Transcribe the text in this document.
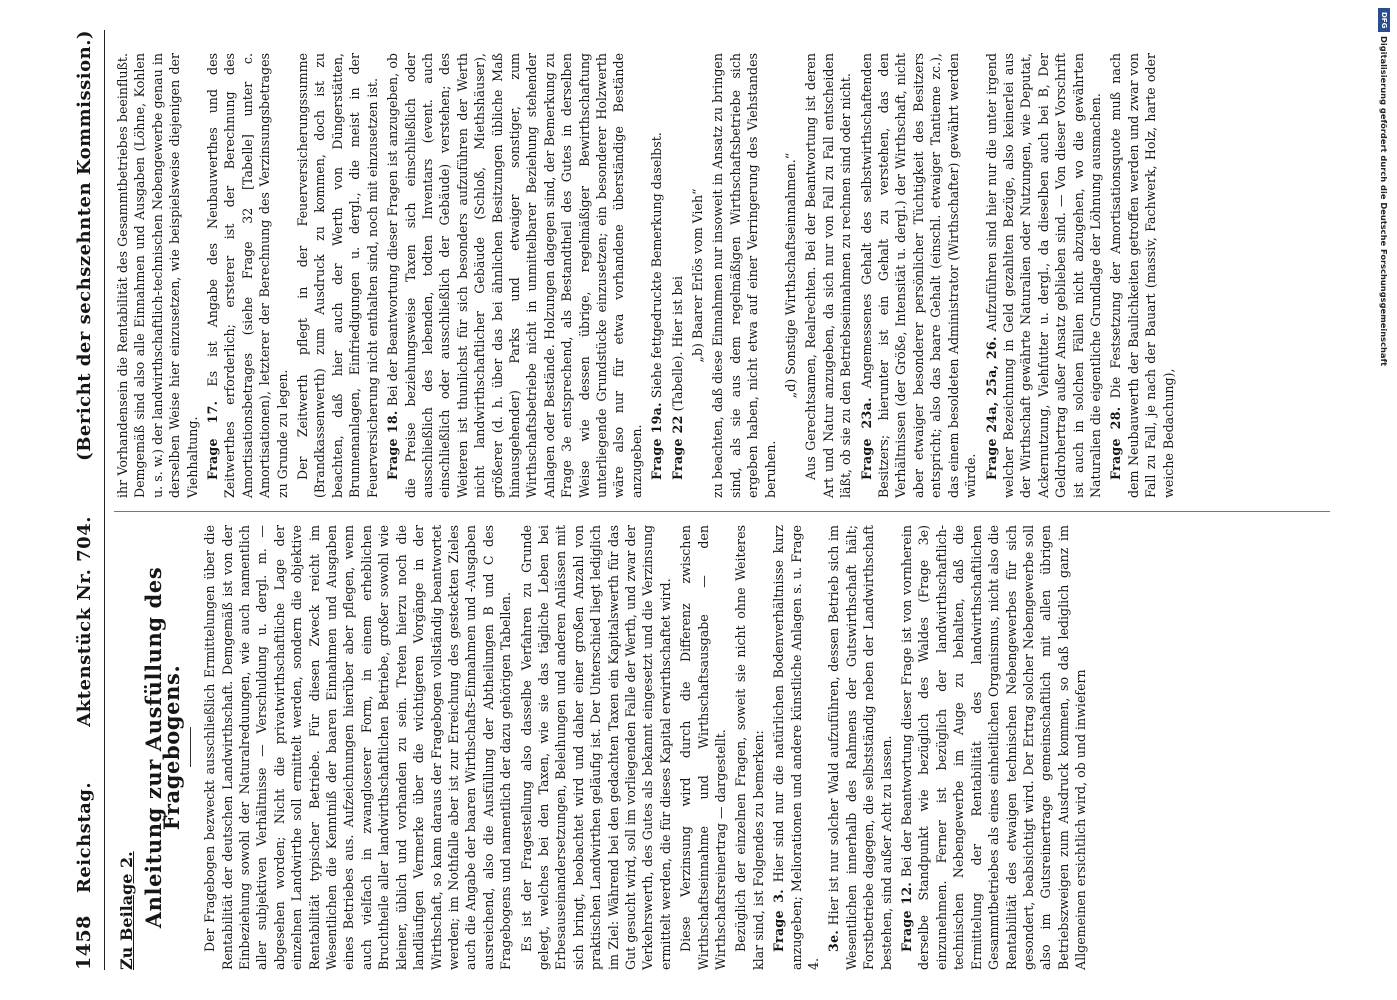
1458
Reichstag.
Aktenstück Nr. 704.
(Bericht der sechszehnten Kommission.)
Zu Beilage 2. Anleitung zur Ausfüllung des Fragebogens. Der Fragebogen bezweckt ausschließlich Ermittelungen über die Rentabilität der deutschen Landwirthschaft. Demgemäß ist von der Einbeziehung sowohl der Naturalreduungen, wie auch namentlich aller subjektiven Verhältnisse — Verschuldung u. dergl. m. — abgesehen worden; Nicht die privatwirthschaftliche Lage der einzelnen Landwirthe soll ermittelt werden, sondern die objektive Rentabilität typischer Betriebe. Für diesen Zweck reicht im Wesentlichen die Kenntniß der baaren Einnahmen und Ausgaben eines Betriebes aus. Aufzeichnungen hierüber aber pflegen, wenn auch vielfach in zwangloserer Form, in einem erheblichen Bruchtheile aller landwirthschaftlichen Betriebe, großer sowohl wie kleiner, üblich und vorhanden zu sein. Treten hierzu noch die landläufigen Vermerke über die wichtigeren Vorgänge in der Wirthschaft, so kann daraus der Fragebogen vollständig beantwortet werden; im Nothfalle aber ist zur Erreichung des gesteckten Zieles auch die Angabe der baaren Wirthschafts-Einnahmen und -Ausgaben ausreichend, also die Ausfüllung der Abtheilungen B und C des Fragebogens und namentlich der dazu gehörigen Tabellen. Es ist der Fragestellung also dasselbe Verfahren zu Grunde gelegt, welches bei den Taxen, wie sie das tägliche Leben bei Erbesauseinandersetzungen, Beleihungen und anderen Anlässen mit sich bringt, beobachtet wird und daher einer großen Anzahl von praktischen Landwirthen geläufig ist. Der Unterschied liegt lediglich im Ziel: Während bei den gedachten Taxen ein Kapitalswerth für das Gut gesucht wird, soll im vorliegenden Falle der Werth, und zwar der Verkehrswerth, des Gutes als bekannt eingesetzt und die Verzinsung ermittelt werden, die für dieses Kapital erwirthschaftet wird. Diese Verzinsung wird durch die Differenz zwischen Wirthschaftseinnahme und Wirthschaftsausgabe — den Wirthschaftsreinertrag — dargestellt. Bezüglich der einzelnen Fragen, soweit sie nicht ohne Weiteres klar sind, ist Folgendes zu bemerken: Frage 3. Hier sind nur die natürlichen Bodenverhältnisse kurz anzugeben; Meliorationen und andere künstliche Anlagen s. u. Frage 4.

3e. Hier ist nur solcher Wald aufzuführen, dessen Betrieb sich im Wesentlichen innerhalb des Rahmens der Gutswirthschaft hält; Forstbetriebe dagegen, die selbstständig neben der Landwirthschaft bestehen, sind außer Acht zu lassen. Frage 12. Bei der Beantwortung dieser Frage ist von vornherein derselbe Standpunkt wie bezüglich des Waldes (Frage 3e) einzunehmen. Ferner ist bezüglich der landwirthschaftlich-technischen Nebengewerbe im Auge zu behalten, daß die Ermittelung der Rentabilität des landwirthschaftlichen Gesammtbetriebes als eines einheitlichen Organismus, nicht also die Rentabilität des etwaigen technischen Nebengewerbes für sich gesondert, beabsichtigt wird. Der Ertrag solcher Nebengewerbe soll also im Gutsreinertrage gemeinschaftlich mit allen übrigen Betriebszweigen zum Ausdruck kommen, so daß lediglich ganz im Allgemeinen ersichtlich wird, ob und inwiefern

ihr Vorhandensein die Rentabilität des Gesammtbetriebes beeinflußt. Demgemäß sind also alle Einnahmen und Ausgaben (Löhne, Kohlen u. s. w.) der landwirthschaftlich-technischen Nebengewerbe genau in derselben Weise hier einzusetzen, wie beispielsweise diejenigen der Viehhaltung. Frage 17. Es ist Angabe des Neubauwerthes und des Zeitwerthes erforderlich; ersterer ist der Berechnung des Amortisationsbetrages (siehe Frage 32 [Tabelle] unter c. Amortisationen), letzterer der Berechnung des Verzinsungsbetrages zu Grunde zu legen. Der Zeitwerth pflegt in der Feuerversicherungssumme (Brandkassenwerth) zum Ausdruck zu kommen, doch ist zu beachten, daß hier auch der Werth von Düngerstätten, Brunnenanlagen, Einfriedigungen u. dergl., die meist in der Feuerversicherung nicht enthalten sind, noch mit einzusetzen ist. Frage 18. Bei der Beantwortung dieser Fragen ist anzugeben, ob die Preise beziehungsweise Taxen sich einschließlich oder ausschließlich des lebenden, todten Inventars (event. auch einschließlich oder ausschließlich der Gebäude) verstehen; des Weiteren ist thunlichst für sich besonders aufzuführen der Werth nicht landwirthschaftlicher Gebäude (Schloß, Miethshäuser), größerer (d. h. über das bei ähnlichen Besitzungen übliche Maß hinausgehender) Parks und etwaiger sonstiger, zum Wirthschaftsbetriebe nicht in unmittelbarer Beziehung stehender Anlagen oder Bestände. Holzungen dagegen sind, der Bemerkung zu Frage 3e entsprechend, als Bestandtheil des Gutes in derselben Weise wie dessen übrige, regelmäßiger Bewirthschaftung unterliegende Grundstücke einzusetzen; ein besonderer Holzwerth wäre also nur für etwa vorhandene überständige Bestände anzugeben. Frage 19a. Siehe fettgedruckte Bemerkung daselbst.

Frage 22 (Tabelle). Hier ist bei „b) Baarer Erlös vom Vieh“ zu beachten, daß diese Einnahmen nur insoweit in Ansatz zu bringen sind, als sie aus dem regelmäßigen Wirthschaftsbetriebe sich ergeben haben, nicht etwa auf einer Verringerung des Viehstandes beruhen.

„d) Sonstige Wirthschaftseinnahmen.“ Aus Gerechtsamen, Realrechten. Bei der Beantwortung ist deren Art und Natur anzugeben, da sich nur von Fall zu Fall entscheiden läßt, ob sie zu den Betriebseinnahmen zu rechnen sind oder nicht. Frage 23a. Angemessenes Gehalt des selbstwirthschaftenden Besitzers; hierunter ist ein Gehalt zu verstehen, das den Verhältnissen (der Größe, Intensität u. dergl.) der Wirthschaft, nicht aber etwaiger besonderer persönlicher Tüchtigkeit des Besitzers entspricht; also das baare Gehalt (einschl. etwaiger Tantieme zc.), das einem besoldeten Administrator (Wirthschafter) gewährt werden würde. Frage 24a, 25a, 26. Aufzuführen sind hier nur die unter irgend welcher Bezeichnung in Geld gezahlten Bezüge, also keinerlei aus der Wirthschaft gewährte Naturalien oder Nutzungen, wie Deputat, Ackernutzung, Viehfutter u. dergl., da dieselben auch bei B, Der Geldrohertrag außer Ansatz geblieben sind. — Von dieser Vorschrift ist auch in solchen Fällen nicht abzugehen, wo die gewährten Naturalien die eigentliche Grundlage der Löhnung ausmachen. Frage 28. Die Festsetzung der Amortisationsquote muß nach dem Neubauwerth der Baulichkeiten getroffen werden und zwar von Fall zu Fall, je nach der Bauart (massiv, Fachwerk, Holz, harte oder weiche Bedachung),

DFG
Digitalisierung gefördert durch die Deutsche Forschungsgemeinschaft
